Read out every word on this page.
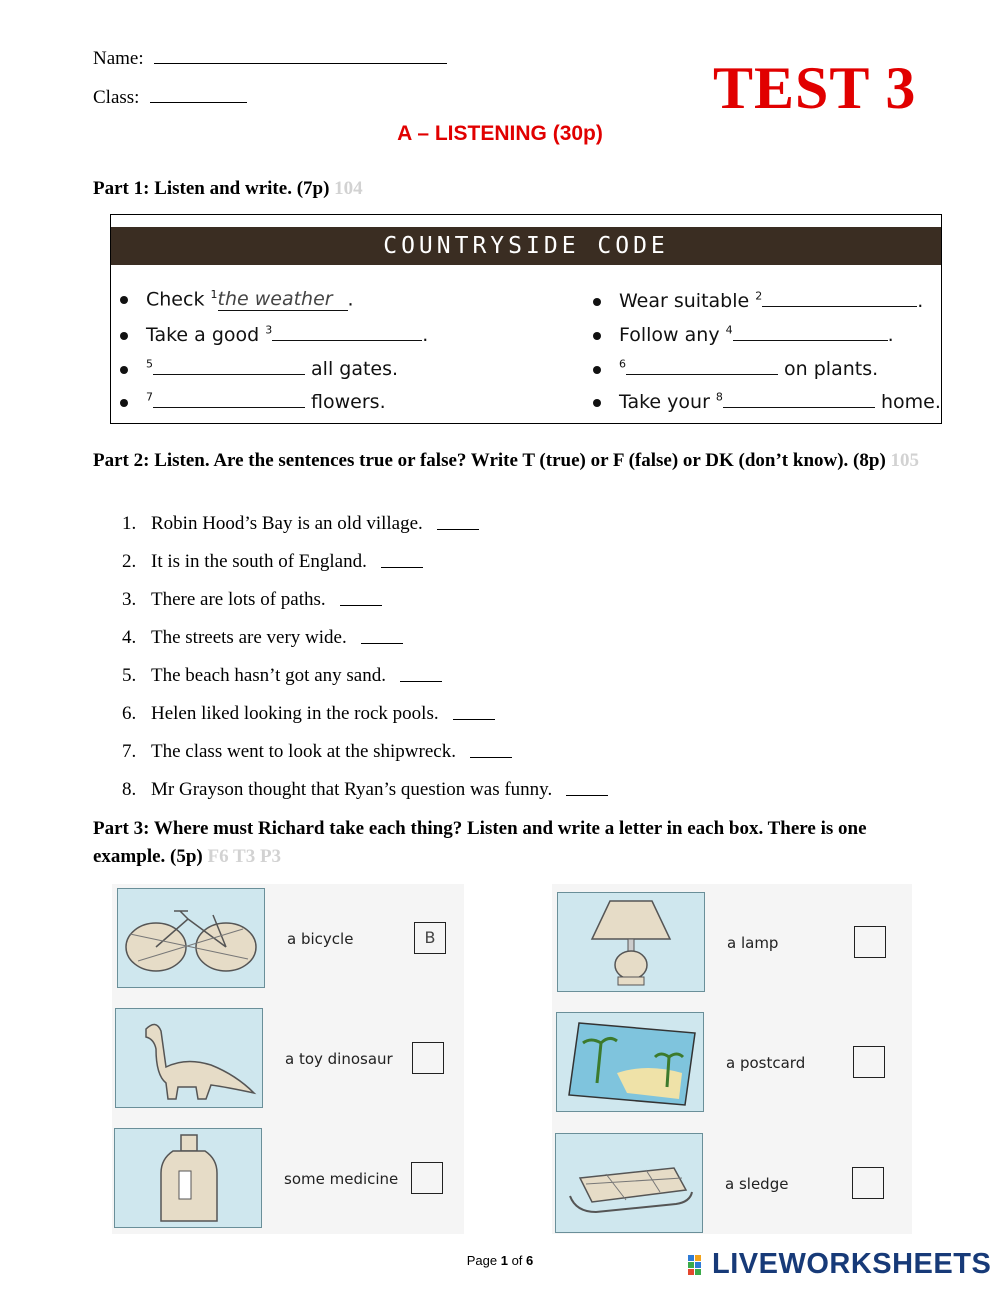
Name:
Class:	TEST 3
A – LISTENING (30p)
Part 1: Listen and write. (7p) 104
COUNTRYSIDE CODE
Check $^1$the weather .
Take a good $^3$	.
$^5$	all gates.
$^7$	flowers.
Wear suitable $^2$	.
Follow any $^4$	.
$^6$	on plants.
Take your $^8$	home.
Part 2: Listen. Are the sentences true or false? Write T (true) or F (false) or DK (don’t know). (8p) 105
1. Robin Hood’s Bay is an old village.
2. It is in the south of England.
3. There are lots of paths.
4. The streets are very wide.
5. The beach hasn’t got any sand.
6. Helen liked looking in the rock pools.
7. The class went to look at the shipwreck.
8. Mr Grayson thought that Ryan’s question was funny.
Part 3: Where must Richard take each thing? Listen and write a letter in each box. There is one example. (5p) F6 T3 P3
a bicycle	B
a toy dinosaur
some medicine
a lamp
a postcard
a sledge
Page 1 of 6	LIVEWORKSHEETS
